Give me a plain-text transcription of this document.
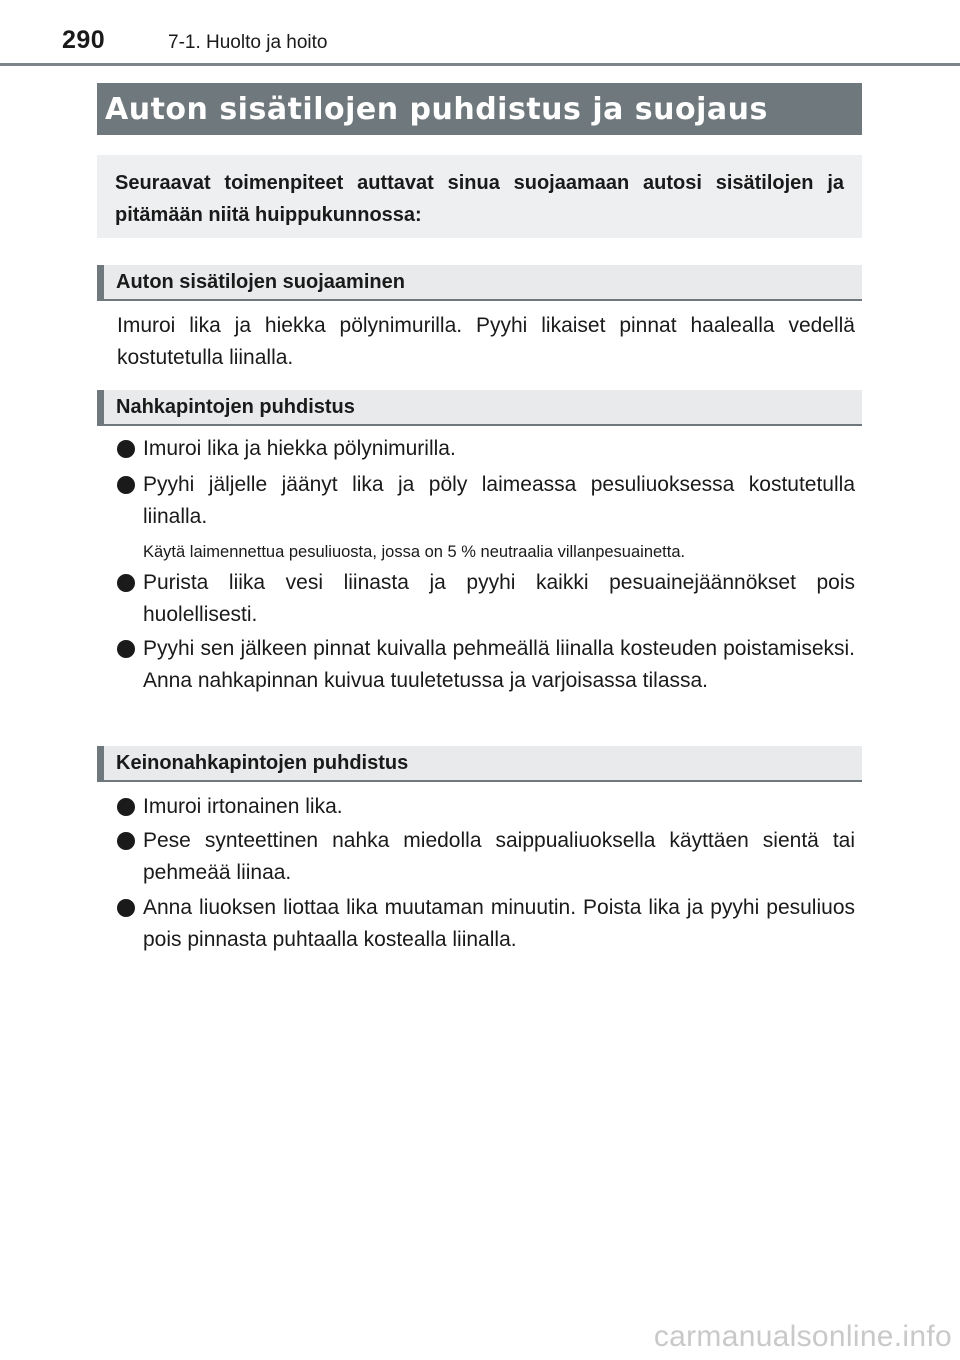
290	7-1. Huolto ja hoito
Auton sisätilojen puhdistus ja suojaus
Seuraavat toimenpiteet auttavat sinua suojaamaan autosi sisätilojen ja pitämään niitä huippukunnossa:
Auton sisätilojen suojaaminen
Imuroi lika ja hiekka pölynimurilla. Pyyhi likaiset pinnat haalealla vedellä kostutetulla liinalla.
Nahkapintojen puhdistus
Imuroi lika ja hiekka pölynimurilla.
Pyyhi jäljelle jäänyt lika ja pöly laimeassa pesuliuoksessa kostutetulla liinalla.
Käytä laimennettua pesuliuosta, jossa on 5 % neutraalia villanpesuainetta.
Purista liika vesi liinasta ja pyyhi kaikki pesuainejäännökset pois huolellisesti.
Pyyhi sen jälkeen pinnat kuivalla pehmeällä liinalla kosteuden poistamiseksi. Anna nahkapinnan kuivua tuuletetussa ja varjoisassa tilassa.
Keinonahkapintojen puhdistus
Imuroi irtonainen lika.
Pese synteettinen nahka miedolla saippualiuoksella käyttäen sientä tai pehmeää liinaa.
Anna liuoksen liottaa lika muutaman minuutin. Poista lika ja pyyhi pesuliuos pois pinnasta puhtaalla kostealla liinalla.
carmanualsonline.info
